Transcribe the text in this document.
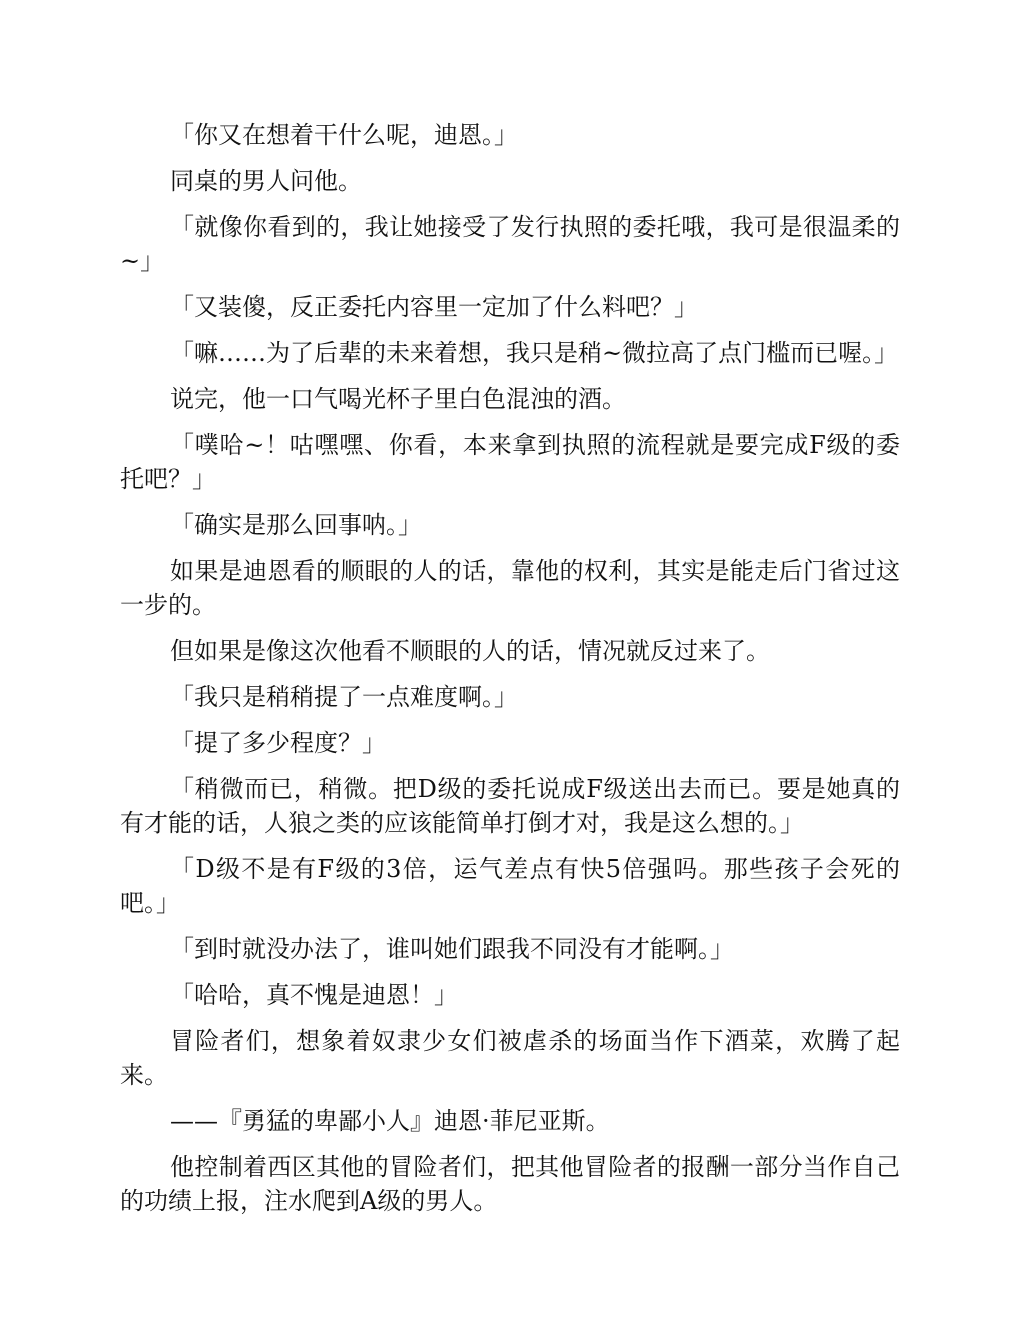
「你又在想着干什么呢，迪恩。」

同桌的男人问他。

「就像你看到的，我让她接受了发行执照的委托哦，我可是很温柔的~」

「又装傻，反正委托内容里一定加了什么料吧？」

「嘛……为了后辈的未来着想，我只是稍~微拉高了点门槛而已喔。」

说完，他一口气喝光杯子里白色混浊的酒。

「噗哈~！咕嘿嘿、你看，本来拿到执照的流程就是要完成F级的委托吧？」

「确实是那么回事呐。」

如果是迪恩看的顺眼的人的话，靠他的权利，其实是能走后门省过这一步的。

但如果是像这次他看不顺眼的人的话，情况就反过来了。

「我只是稍稍提了一点难度啊。」

「提了多少程度？」

「稍微而已，稍微。把D级的委托说成F级送出去而已。要是她真的有才能的话，人狼之类的应该能简单打倒才对，我是这么想的。」

「D级不是有F级的3倍，运气差点有快5倍强吗。那些孩子会死的吧。」

「到时就没办法了，谁叫她们跟我不同没有才能啊。」

「哈哈，真不愧是迪恩！」

冒险者们，想象着奴隶少女们被虐杀的场面当作下酒菜，欢腾了起来。

——『勇猛的卑鄙小人』迪恩·菲尼亚斯。

他控制着西区其他的冒险者们，把其他冒险者的报酬一部分当作自己的功绩上报，注水爬到A级的男人。
